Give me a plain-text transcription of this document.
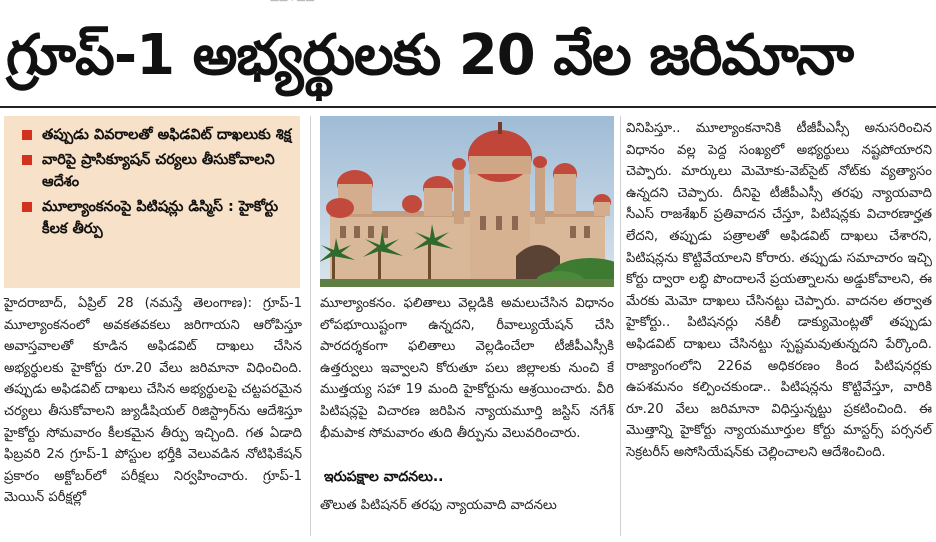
—— · ——
గ్రూప్-1 అభ్యర్థులకు 20 వేల జరిమానా
తప్పుడు వివరాలతో అఫిడవిట్ దాఖలుకు శిక్ష
వారిపై ప్రాసిక్యూషన్ చర్యలు తీసుకోవాలని ఆదేశం
మూల్యాంకనంపై పిటిషన్లు డిస్మిస్ : హైకోర్టు కీలక తీర్పు

హైదరాబాద్, ఏప్రిల్ 28 (నమస్తే తెలంగాణ): గ్రూప్-1 మూల్యాంకనంలో అవకతవకలు జరిగాయని ఆరోపిస్తూ అవాస్తవాలతో కూడిన అఫిడవిట్ దాఖలు చేసిన అభ్యర్థులకు హైకోర్టు రూ.20 వేలు జరిమానా విధించింది. తప్పుడు అఫిడవిట్ దాఖలు చేసిన అభ్యర్థులపై చట్టపరమైన చర్యలు తీసుకోవాలని జ్యుడీషియల్ రిజిస్ట్రార్‌ను ఆదేశిస్తూ హైకోర్టు సోమవారం కీలకమైన తీర్పు ఇచ్చింది. గత ఏడాది ఫిబ్రవరి 2న గ్రూప్-1 పోస్టుల భర్తీకి వెలువడిన నోటిఫికేషన్ ప్రకారం అక్టోబర్‌లో పరీక్షలు నిర్వహించారు. గ్రూప్-1 మెయిన్ పరీక్షల్లో

మూల్యాంకనం. ఫలితాలు వెల్లడికి అమలుచేసిన విధానం లోపభూయిష్టంగా ఉన్నదని, రీవాల్యుయేషన్ చేసి పారదర్శకంగా ఫలితాలు వెల్లడించేలా టీజీపీఎస్సీకి ఉత్తర్వులు ఇవ్వాలని కోరుతూ పలు జిల్లాలకు నుంచి కే ముత్తయ్య సహా 19 మంది హైకోర్టును ఆశ్రయించారు. వీరి పిటిషన్లపై విచారణ జరిపిన న్యాయమూర్తి జస్టిస్ నగేశ్ భీమపాక సోమవారం తుది తీర్పును వెలువరించారు.

ఇరుపక్షాల వాదనలు..

తొలుత పిటిషనర్ తరఫు న్యాయవాది వాదనలు

వినిపిస్తూ.. మూల్యాంకనానికి టీజీపీఎస్సీ అనుసరించిన విధానం వల్ల పెద్ద సంఖ్యలో అభ్యర్థులు నష్టపోయారని చెప్పారు. మార్కులు మెమోకు-వెబ్‌సైట్ నోట్‌కు వ్యత్యాసం ఉన్నదని చెప్పారు. దీనిపై టీజీపీఎస్సీ తరఫు న్యాయవాది సీఎస్ రాజశేఖర్ ప్రతివాదన చేస్తూ, పిటిషన్లకు విచారణార్హత లేదని, తప్పుడు పత్రాలతో అఫిడవిట్ దాఖలు చేశారని, పిటిషన్లను కొట్టివేయాలని కోరారు. తప్పుడు సమాచారం ఇచ్చి కోర్టు ద్వారా లబ్ధి పొందాలనే ప్రయత్నాలను అడ్డుకోవాలని, ఈ మేరకు మెమో దాఖలు చేసినట్టు చెప్పారు. వాదనల తర్వాత హైకోర్టు.. పిటిషనర్లు నకిలీ డాక్యుమెంట్లతో తప్పుడు అఫిడవిట్ దాఖలు చేసినట్టు స్పష్టమవుతున్నదని పేర్కొంది. రాజ్యాంగంలోని 226వ అధికరణం కింద పిటిషనర్లకు ఉపశమనం కల్పించకుండా.. పిటిషన్లను కొట్టివేస్తూ, వారికి రూ.20 వేలు జరిమానా విధిస్తున్నట్టు ప్రకటించింది. ఈ మొత్తాన్ని హైకోర్టు న్యాయమూర్తుల కోర్టు మాస్టర్స్ పర్సనల్ సెక్రటరీస్ అసోసియేషన్‌కు చెల్లించాలని ఆదేశించింది.
